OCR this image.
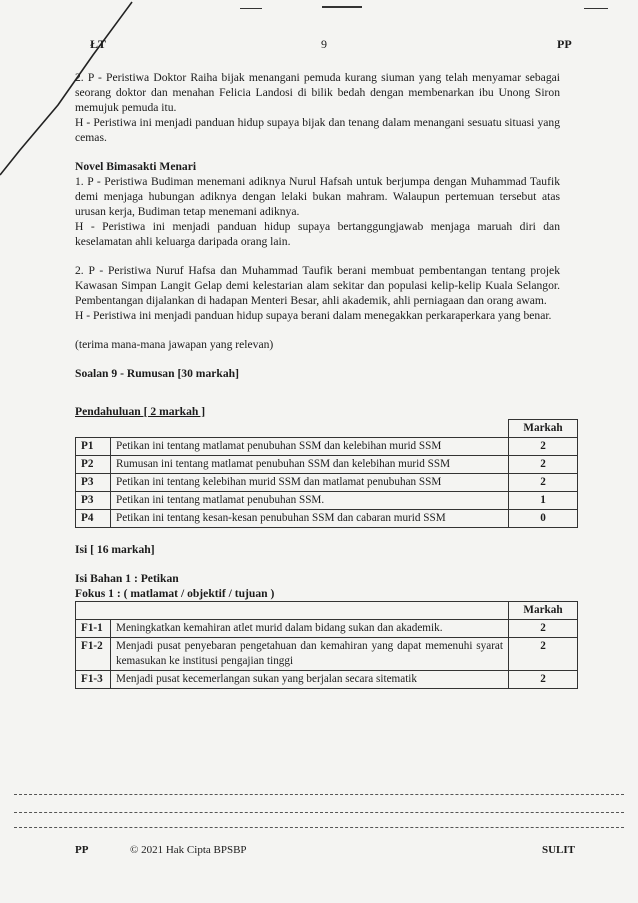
ŁT	9	PP

2. P - Peristiwa Doktor Raiha bijak menangani pemuda kurang siuman yang telah menyamar sebagai seorang doktor dan menahan Felicia Landosi di bilik bedah dengan membenarkan ibu Unong Siron memujuk pemuda itu.

H - Peristiwa ini menjadi panduan hidup supaya bijak dan tenang dalam menangani sesuatu situasi yang cemas.

Novel Bimasakti Menari

1. P - Peristiwa Budiman menemani adiknya Nurul Hafsah untuk berjumpa dengan Muhammad Taufik demi menjaga hubungan adiknya dengan lelaki bukan mahram. Walaupun pertemuan tersebut atas urusan kerja, Budiman tetap menemani adiknya.

H - Peristiwa ini menjadi panduan hidup supaya bertanggungjawab menjaga maruah diri dan keselamatan ahli keluarga daripada orang lain.

2. P - Peristiwa Nuruf Hafsa dan Muhammad Taufik berani membuat pembentangan tentang projek Kawasan Simpan Langit Gelap demi kelestarian alam sekitar dan populasi kelip-kelip Kuala Selangor. Pembentangan dijalankan di hadapan Menteri Besar, ahli akademik, ahli perniagaan dan orang awam.

H - Peristiwa ini menjadi panduan hidup supaya berani dalam menegakkan perkaraperkara yang benar.

(terima mana-mana jawapan yang relevan)

Soalan 9 - Rumusan [30 markah]

Pendahuluan [ 2 markah ]

		Markah
P1	Petikan ini tentang matlamat penubuhan SSM dan kelebihan murid SSM	2
P2	Rumusan ini tentang matlamat penubuhan SSM dan kelebihan murid SSM	2
P3	Petikan ini tentang kelebihan murid SSM dan matlamat penubuhan SSM	2
P3	Petikan ini tentang matlamat penubuhan SSM.	1
P4	Petikan ini tentang kesan-kesan penubuhan SSM dan cabaran murid SSM	0

Isi [ 16 markah]

Isi Bahan 1 : Petikan

Fokus 1 : ( matlamat / objektif / tujuan )

		Markah
F1-1	Meningkatkan kemahiran atlet murid dalam bidang sukan dan akademik.	2
F1-2	Menjadi pusat penyebaran pengetahuan dan kemahiran yang dapat memenuhi syarat kemasukan ke institusi pengajian tinggi	2
F1-3	Menjadi pusat kecemerlangan sukan yang berjalan secara sitematik	2
PP	© 2021 Hak Cipta BPSBP	SULIT
